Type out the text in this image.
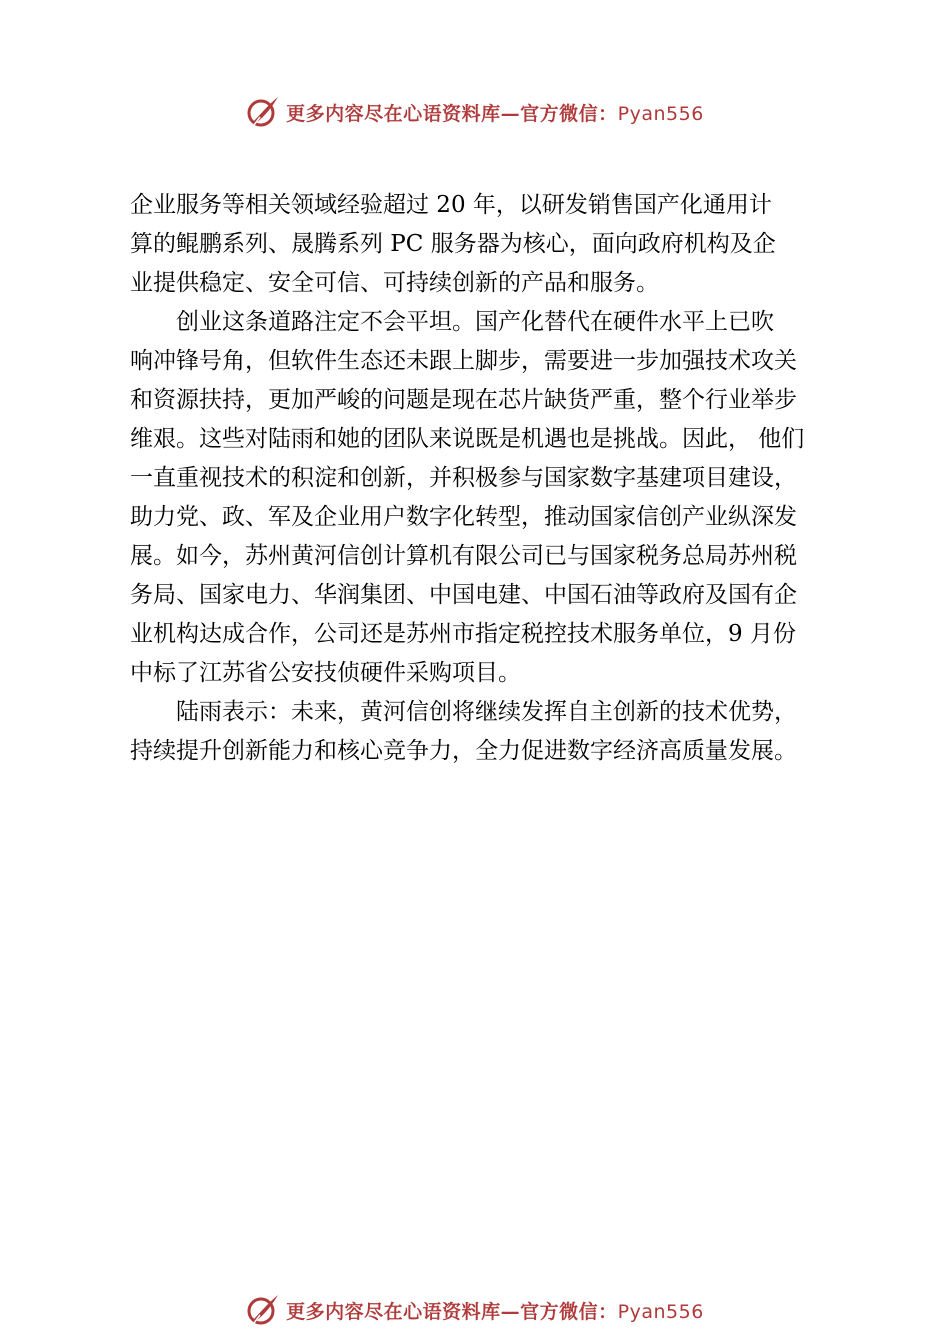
更多内容尽在心语资料库—官方微信：Pyan556
企业服务等相关领域经验超过 20 年，以研发销售国产化通用计
算的鲲鹏系列、晟腾系列 PC 服务器为核心，面向政府机构及企
业提供稳定、安全可信、可持续创新的产品和服务。
　　创业这条道路注定不会平坦。国产化替代在硬件水平上已吹
响冲锋号角，但软件生态还未跟上脚步，需要进一步加强技术攻关
和资源扶持，更加严峻的问题是现在芯片缺货严重，整个行业举步
维艰。这些对陆雨和她的团队来说既是机遇也是挑战。因此， 他们
一直重视技术的积淀和创新，并积极参与国家数字基建项目建设，
助力党、政、军及企业用户数字化转型，推动国家信创产业纵深发
展。如今，苏州黄河信创计算机有限公司已与国家税务总局苏州税
务局、国家电力、华润集团、中国电建、中国石油等政府及国有企
业机构达成合作，公司还是苏州市指定税控技术服务单位，9 月份
中标了江苏省公安技侦硬件采购项目。
　　陆雨表示：未来，黄河信创将继续发挥自主创新的技术优势，
持续提升创新能力和核心竞争力，全力促进数字经济高质量发展。
更多内容尽在心语资料库—官方微信：Pyan556
